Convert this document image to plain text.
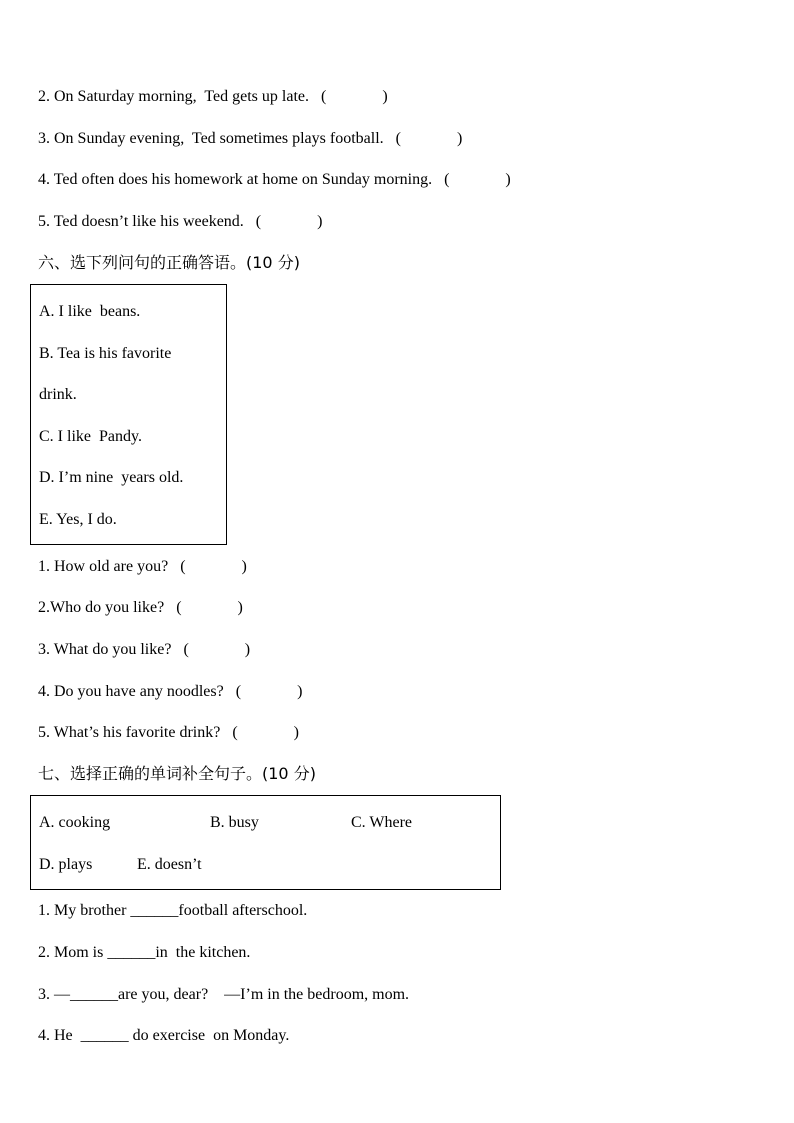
2. On Saturday morning,  Ted gets up late.   (              )
3. On Sunday evening,  Ted sometimes plays football.   (              )
4. Ted often does his homework at home on Sunday morning.   (              )
5. Ted doesn’t like his weekend.   (              )
六、选下列问句的正确答语。(10 分)
A. I like  beans.
B. Tea is his favorite
drink.
C. I like  Pandy.
D. I’m nine  years old.
E. Yes, I do.
1. How old are you?   (              )
2.Who do you like?   (              )
3. What do you like?   (              )
4. Do you have any noodles?   (              )
5. What’s his favorite drink?   (              )
七、选择正确的单词补全句子。(10 分)
A. cooking	B. busy	C. Where
D. plays	E. doesn’t
1. My brother ______football afterschool.
2. Mom is ______in  the kitchen.
3. —______are you, dear?    —I’m in the bedroom, mom.
4. He  ______ do exercise  on Monday.
